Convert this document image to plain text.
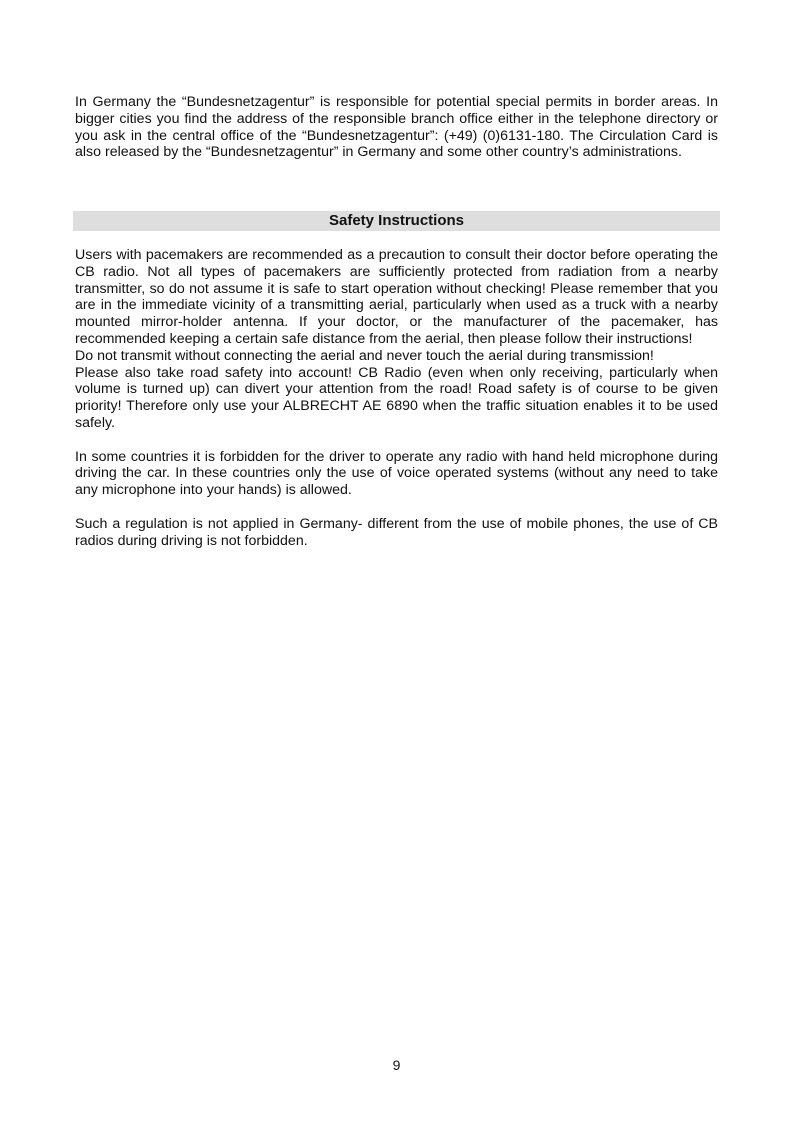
In Germany the “Bundesnetzagentur” is responsible for potential special permits in border areas. In bigger cities you find the address of the responsible branch office either in the telephone directory or you ask in the central office of the “Bundesnetzagentur”: (+49) (0)6131-180. The Circulation Card is also released by the “Bundesnetzagentur” in Germany and some other country’s administrations.

Safety Instructions

Users with pacemakers are recommended as a precaution to consult their doctor before operating the CB radio. Not all types of pacemakers are sufficiently protected from radiation from a nearby transmitter, so do not assume it is safe to start operation without checking! Please remember that you are in the immediate vicinity of a transmitting aerial, particularly when used as a truck with a nearby mounted mirror-holder antenna. If your doctor, or the manufacturer of the pacemaker, has recommended keeping a certain safe distance from the aerial, then please follow their instructions!

Do not transmit without connecting the aerial and never touch the aerial during transmission!

Please also take road safety into account! CB Radio (even when only receiving, particularly when volume is turned up) can divert your attention from the road! Road safety is of course to be given priority! Therefore only use your ALBRECHT AE 6890 when the traffic situation enables it to be used safely.

In some countries it is forbidden for the driver to operate any radio with hand held microphone during driving the car. In these countries only the use of voice operated systems (without any need to take any microphone into your hands) is allowed.

Such a regulation is not applied in Germany- different from the use of mobile phones, the use of CB radios during driving is not forbidden.

9
